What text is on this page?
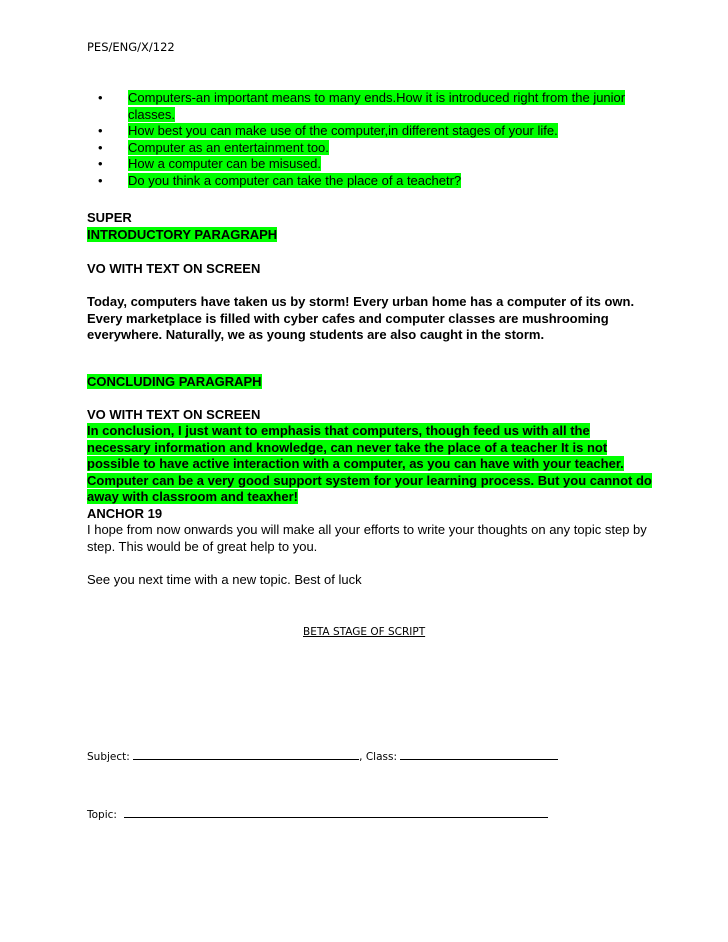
PES/ENG/X/122
• Computers-an important means to many ends.How it is introduced right from the junior classes.
• How best you can make use of the computer,in different stages of your life.
• Computer as an entertainment too.
• How a computer can be misused.
• Do you think a computer can take the place of a teachetr?
SUPER
INTRODUCTORY PARAGRAPH
VO WITH TEXT ON SCREEN

Today, computers have taken us by storm! Every urban home has a computer of its own. Every marketplace is filled with cyber cafes and computer classes are mushrooming everywhere. Naturally, we as young students are also caught in the storm.

CONCLUDING PARAGRAPH
VO WITH TEXT ON SCREEN

In conclusion, I just want to emphasis that computers, though feed us with all the necessary information and knowledge, can never take the place of a teacher It is not possible to have active interaction with a computer, as you can have with your teacher. Computer can be a very good support system for your learning process. But you cannot do away with classroom and teaxher!

ANCHOR 19

I hope from now onwards you will make all your efforts to write your thoughts on any topic step by step. This would be of great help to you.

See you next time with a new topic. Best of luck
BETA STAGE OF SCRIPT
Subject:	, Class:
Topic:
